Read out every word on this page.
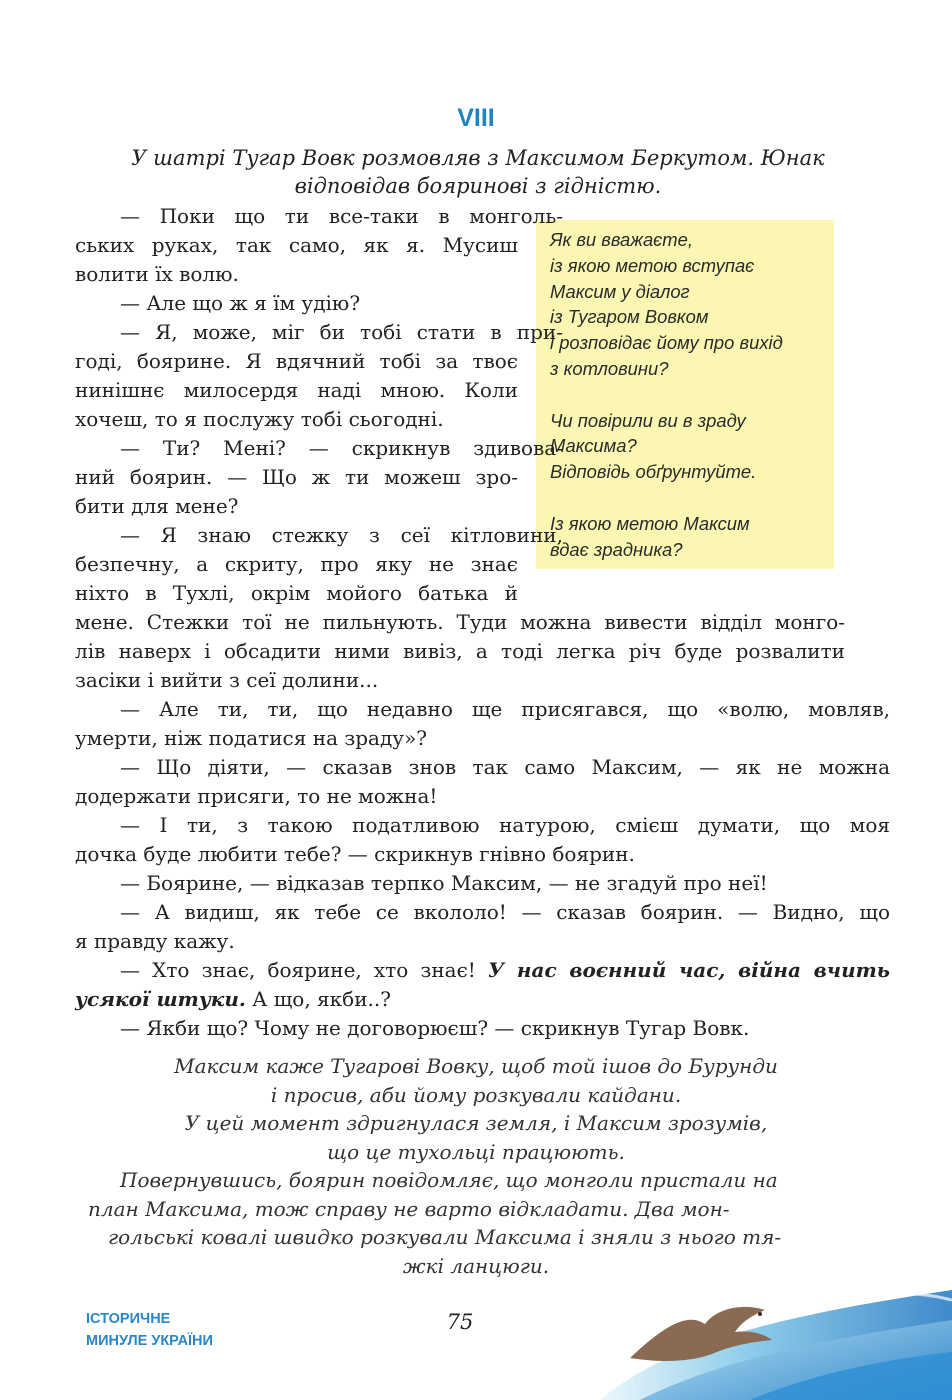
VIII
У шатрі Тугар Вовк розмовляв з Максимом Беркутом. Юнак
відповідав бояринові з гідністю.

Як ви вважаєте,
із якою метою вступає
Максим у діалог
із Тугаром Вовком
і розповідає йому про вихід
з котловини?

Чи повірили ви в зраду
Максима?
Відповідь обґрунтуйте.

Із якою метою Максим
вдає зрадника?

— Поки що ти все-таки в монголь-
ських руках, так само, як я. Мусиш
волити їх волю.
— Але що ж я їм удію?
— Я, може, міг би тобі стати в при-
годі, боярине. Я вдячний тобі за твоє
нинішнє милосердя наді мною. Коли
хочеш, то я послужу тобі сьогодні.
— Ти? Мені? — скрикнув здивова-
ний боярин. — Що ж ти можеш зро-
бити для мене?
— Я знаю стежку з сеї кітловини,
безпечну, а скриту, про яку не знає
ніхто в Тухлі, окрім мойого батька й
мене. Стежки тої не пильнують. Туди можна вивести відділ монго-
лів наверх і обсадити ними вивіз, а тоді легка річ буде розвалити
засіки і вийти з сеї долини...
— Але ти, ти, що недавно ще присягався, що «волю, мовляв,
умерти, ніж податися на зраду»?
— Що діяти, — сказав знов так само Максим, — як не можна
додержати присяги, то не можна!
— І ти, з такою податливою натурою, смієш думати, що моя
дочка буде любити тебе? — скрикнув гнівно боярин.
— Боярине, — відказав терпко Максим, — не згадуй про неї!
— А видиш, як тебе се вкололо! — сказав боярин. — Видно, що
я правду кажу.
— Хто знає, боярине, хто знає! У нас воєнний час, війна вчить
усякої штуки. А що, якби..?
— Якби що? Чому не договорюєш? — скрикнув Тугар Вовк.
Максим каже Тугарові Вовку, щоб той ішов до Бурунди
і просив, аби йому розкували кайдани.
У цей момент здригнулася земля, і Максим зрозумів,
що це тухольці працюють.
Повернувшись, боярин повідомляє, що монголи пристали на
план Максима, тож справу не варто відкладати. Два мон-
гольські ковалі швидко розкували Максима і зняли з нього тя-
жкі ланцюги.
ІСТОРИЧНЕ
МИНУЛЕ УКРАЇНИ
75
